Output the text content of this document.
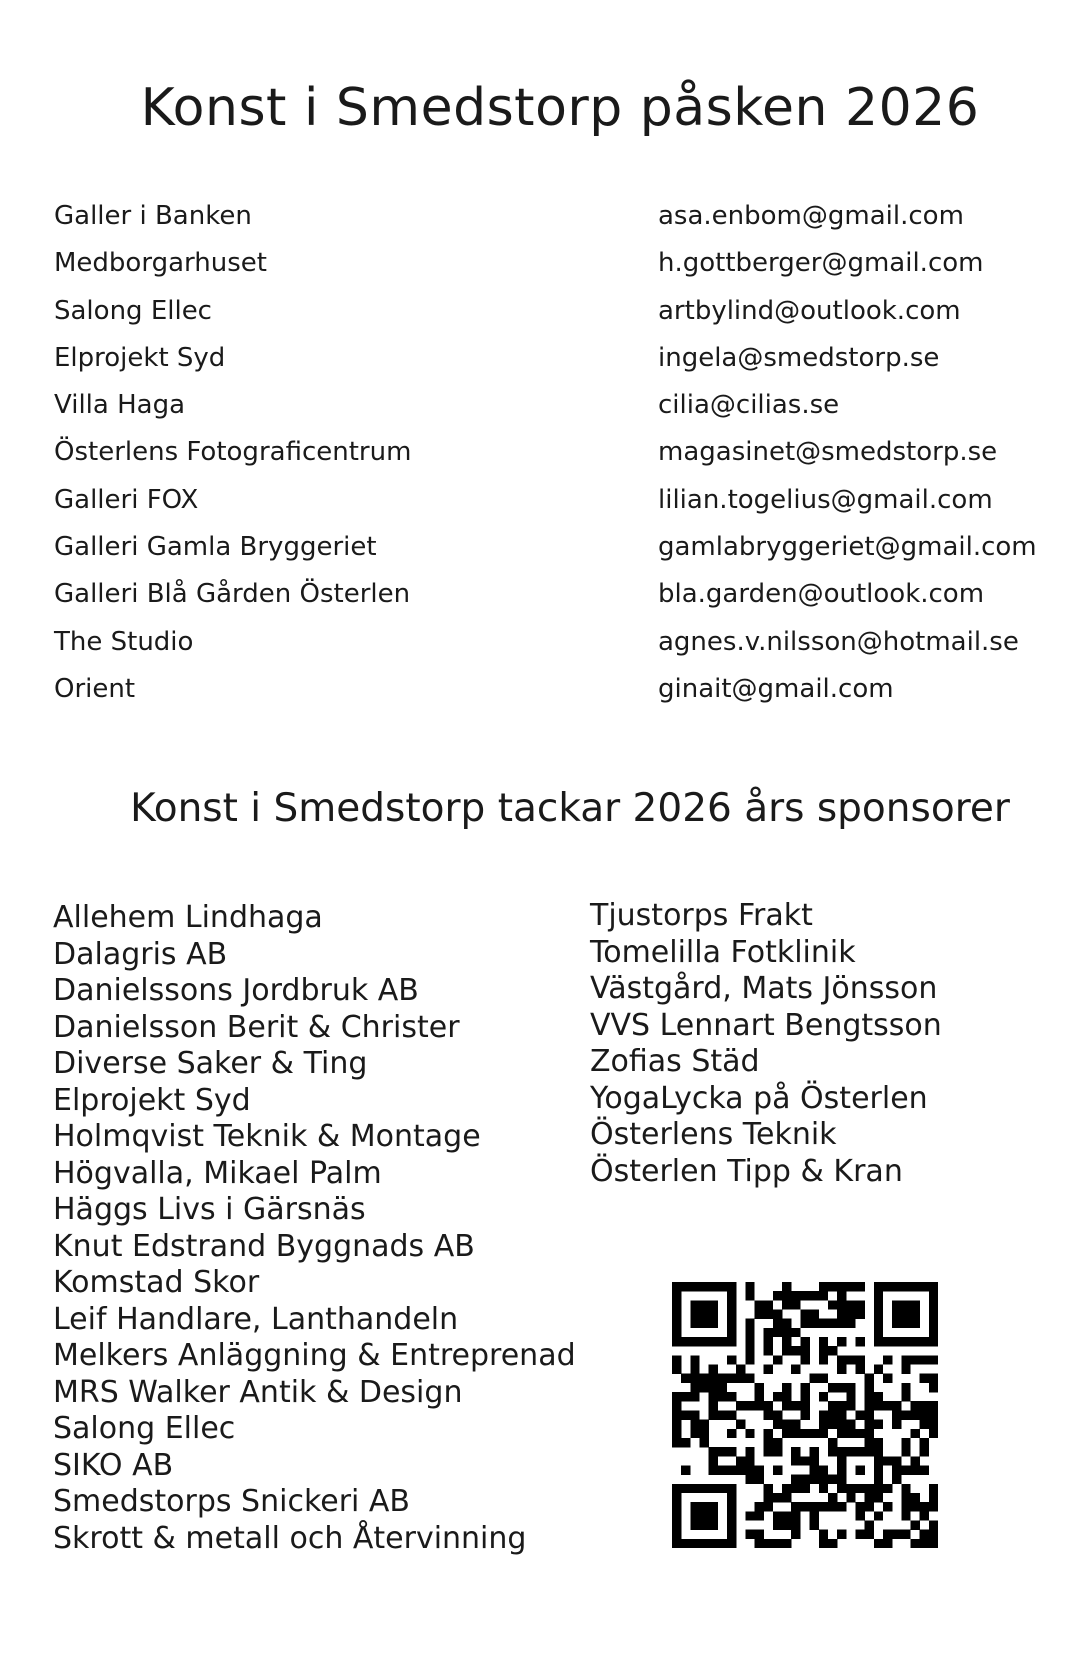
Konst i Smedstorp påsken 2026
Galler i Banken
Medborgarhuset
Salong Ellec
Elprojekt Syd
Villa Haga
Österlens Fotograficentrum
Galleri FOX
Galleri Gamla Bryggeriet
Galleri Blå Gården Österlen
The Studio
Orient
asa.enbom@gmail.com
h.gottberger@gmail.com
artbylind@outlook.com
ingela@smedstorp.se
cilia@cilias.se
magasinet@smedstorp.se
lilian.togelius@gmail.com
gamlabryggeriet@gmail.com
bla.garden@outlook.com
agnes.v.nilsson@hotmail.se
ginait@gmail.com
Konst i Smedstorp tackar 2026 års sponsorer
Allehem Lindhaga
Dalagris AB
Danielssons Jordbruk AB
Danielsson Berit & Christer
Diverse Saker & Ting
Elprojekt Syd
Holmqvist Teknik & Montage
Högvalla, Mikael Palm
Häggs Livs i Gärsnäs
Knut Edstrand Byggnads AB
Komstad Skor
Leif Handlare, Lanthandeln
Melkers Anläggning & Entreprenad
MRS Walker Antik & Design
Salong Ellec
SIKO AB
Smedstorps Snickeri AB
Skrott & metall och Återvinning
Tjustorps Frakt
Tomelilla Fotklinik
Västgård, Mats Jönsson
VVS Lennart Bengtsson
Zofias Städ
YogaLycka på Österlen
Österlens Teknik
Österlen Tipp & Kran
